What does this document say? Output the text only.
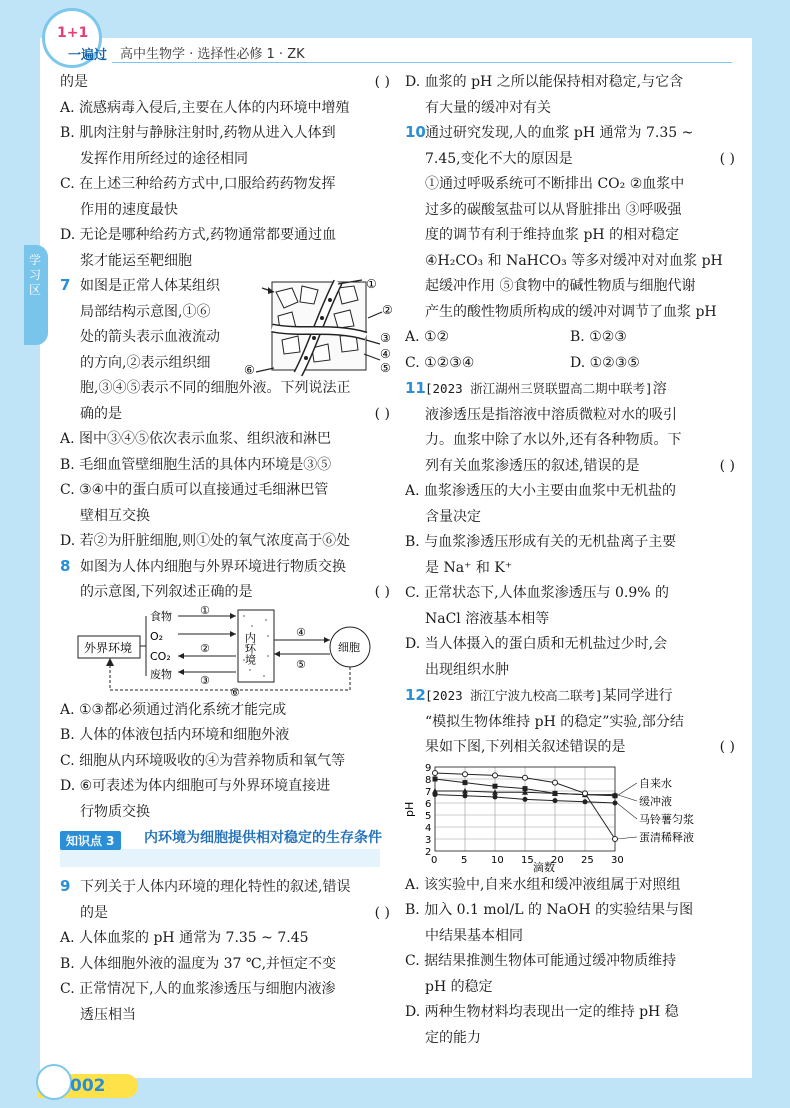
1+1
一遍过 高中生物学 · 选择性必修 1 · ZK
学习区
的是	( )
A. 流感病毒入侵后,主要在人体的内环境中增殖
B. 肌肉注射与静脉注射时,药物从进入人体到
发挥作用所经过的途径相同
C. 在上述三种给药方式中,口服给药药物发挥
作用的速度最快
D. 无论是哪种给药方式,药物通常都要通过血
浆才能运至靶细胞
7 如图是正常人体某组织
局部结构示意图,①⑥
处的箭头表示血液流动
的方向,②表示组织细
①
②
③
④
⑤
⑥
胞,③④⑤表示不同的细胞外液。下列说法正
确的是	( )
A. 图中③④⑤依次表示血浆、组织液和淋巴
B. 毛细血管壁细胞生活的具体内环境是③⑤
C. ③④中的蛋白质可以直接通过毛细淋巴管
壁相互交换
D. 若②为肝脏细胞,则①处的氧气浓度高于⑥处
8 如图为人体内细胞与外界环境进行物质交换
的示意图,下列叙述正确的是	( )
外界环境
食物
O₂
CO₂
废物
①
②
③
内环境	④
⑤
细胞
⑥
A. ①③都必须通过消化系统才能完成
B. 人体的体液包括内环境和细胞外液
C. 细胞从内环境吸收的④为营养物质和氧气等
D. ⑥可表述为体内细胞可与外界环境直接进
行物质交换
知识点 3	内环境为细胞提供相对稳定的生存条件
9 下列关于人体内环境的理化特性的叙述,错误
的是	( )
A. 人体血浆的 pH 通常为 7.35 ~ 7.45
B. 人体细胞外液的温度为 37 ℃,并恒定不变
C. 正常情况下,人的血浆渗透压与细胞内液渗
透压相当
D. 血浆的 pH 之所以能保持相对稳定,与它含
有大量的缓冲对有关
10通过研究发现,人的血浆 pH 通常为 7.35 ~
7.45,变化不大的原因是	( )
①通过呼吸系统可不断排出 CO₂ ②血浆中
过多的碳酸氢盐可以从肾脏排出 ③呼吸强
度的调节有利于维持血浆 pH 的相对稳定
④H₂CO₃ 和 NaHCO₃ 等多对缓冲对对血浆 pH
起缓冲作用 ⑤食物中的碱性物质与细胞代谢
产生的酸性物质所构成的缓冲对调节了血浆 pH
A. ①②	B. ①②③
C. ①②③④	D. ①②③⑤
11[2023 浙江湖州三贤联盟高二期中联考]溶
液渗透压是指溶液中溶质微粒对水的吸引
力。血浆中除了水以外,还有各种物质。下
列有关血浆渗透压的叙述,错误的是	( )
A. 血浆渗透压的大小主要由血浆中无机盐的
含量决定
B. 与血浆渗透压形成有关的无机盐离子主要
是 Na⁺ 和 K⁺
C. 正常状态下,人体血浆渗透压与 0.9% 的
NaCl 溶液基本相等
D. 当人体摄入的蛋白质和无机盐过少时,会
出现组织水肿
12[2023 浙江宁波九校高二联考]某同学进行
“模拟生物体维持 pH 的稳定”实验,部分结
果如下图,下列相关叙述错误的是	( )
pH
滴数
2
3
4
5
6
7
8
9
0 5 10 15 20 25 30
自来水
缓冲液
马铃薯匀浆
蛋清稀释液
A. 该实验中,自来水组和缓冲液组属于对照组
B. 加入 0.1 mol/L 的 NaOH 的实验结果与图
中结果基本相同
C. 据结果推测生物体可能通过缓冲物质维持
pH 的稳定
D. 两种生物材料均表现出一定的维持 pH 稳
定的能力
002
